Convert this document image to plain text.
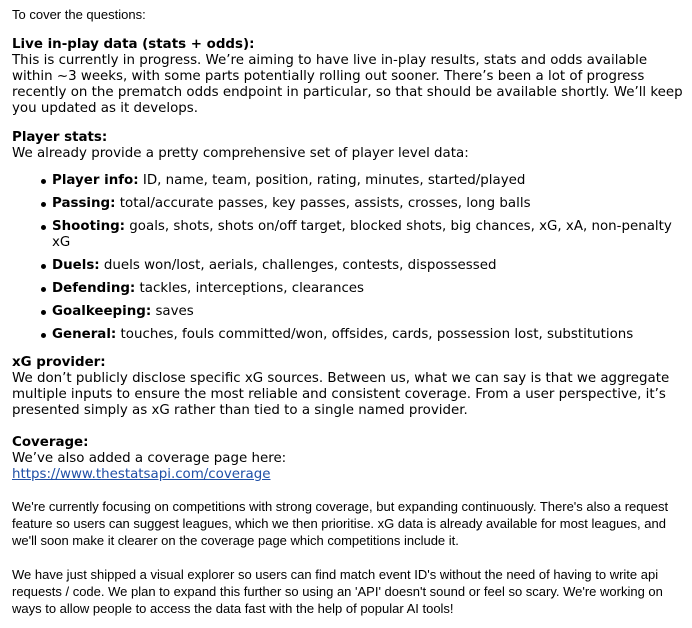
To cover the questions:

Live in-play data (stats + odds):
This is currently in progress. We’re aiming to have live in-play results, stats and odds available within ~3 weeks, with some parts potentially rolling out sooner. There’s been a lot of progress recently on the prematch odds endpoint in particular, so that should be available shortly. We’ll keep you updated as it develops.
Player stats:
We already provide a pretty comprehensive set of player level data:
Player info: ID, name, team, position, rating, minutes, started/played
Passing: total/accurate passes, key passes, assists, crosses, long balls
Shooting: goals, shots, shots on/off target, blocked shots, big chances, xG, xA, non-penalty xG
Duels: duels won/lost, aerials, challenges, contests, dispossessed
Defending: tackles, interceptions, clearances
Goalkeeping: saves
General: touches, fouls committed/won, offsides, cards, possession lost, substitutions
xG provider:
We don’t publicly disclose specific xG sources. Between us, what we can say is that we aggregate multiple inputs to ensure the most reliable and consistent coverage. From a user perspective, it’s presented simply as xG rather than tied to a single named provider.
Coverage:
We’ve also added a coverage page here:
https://www.thestatsapi.com/coverage

We're currently focusing on competitions with strong coverage, but expanding continuously. There's also a request feature so users can suggest leagues, which we then prioritise. xG data is already available for most leagues, and we'll soon make it clearer on the coverage page which competitions include it.

We have just shipped a visual explorer so users can find match event ID's without the need of having to write api requests / code. We plan to expand this further so using an 'API' doesn't sound or feel so scary. We're working on ways to allow people to access the data fast with the help of popular AI tools!
